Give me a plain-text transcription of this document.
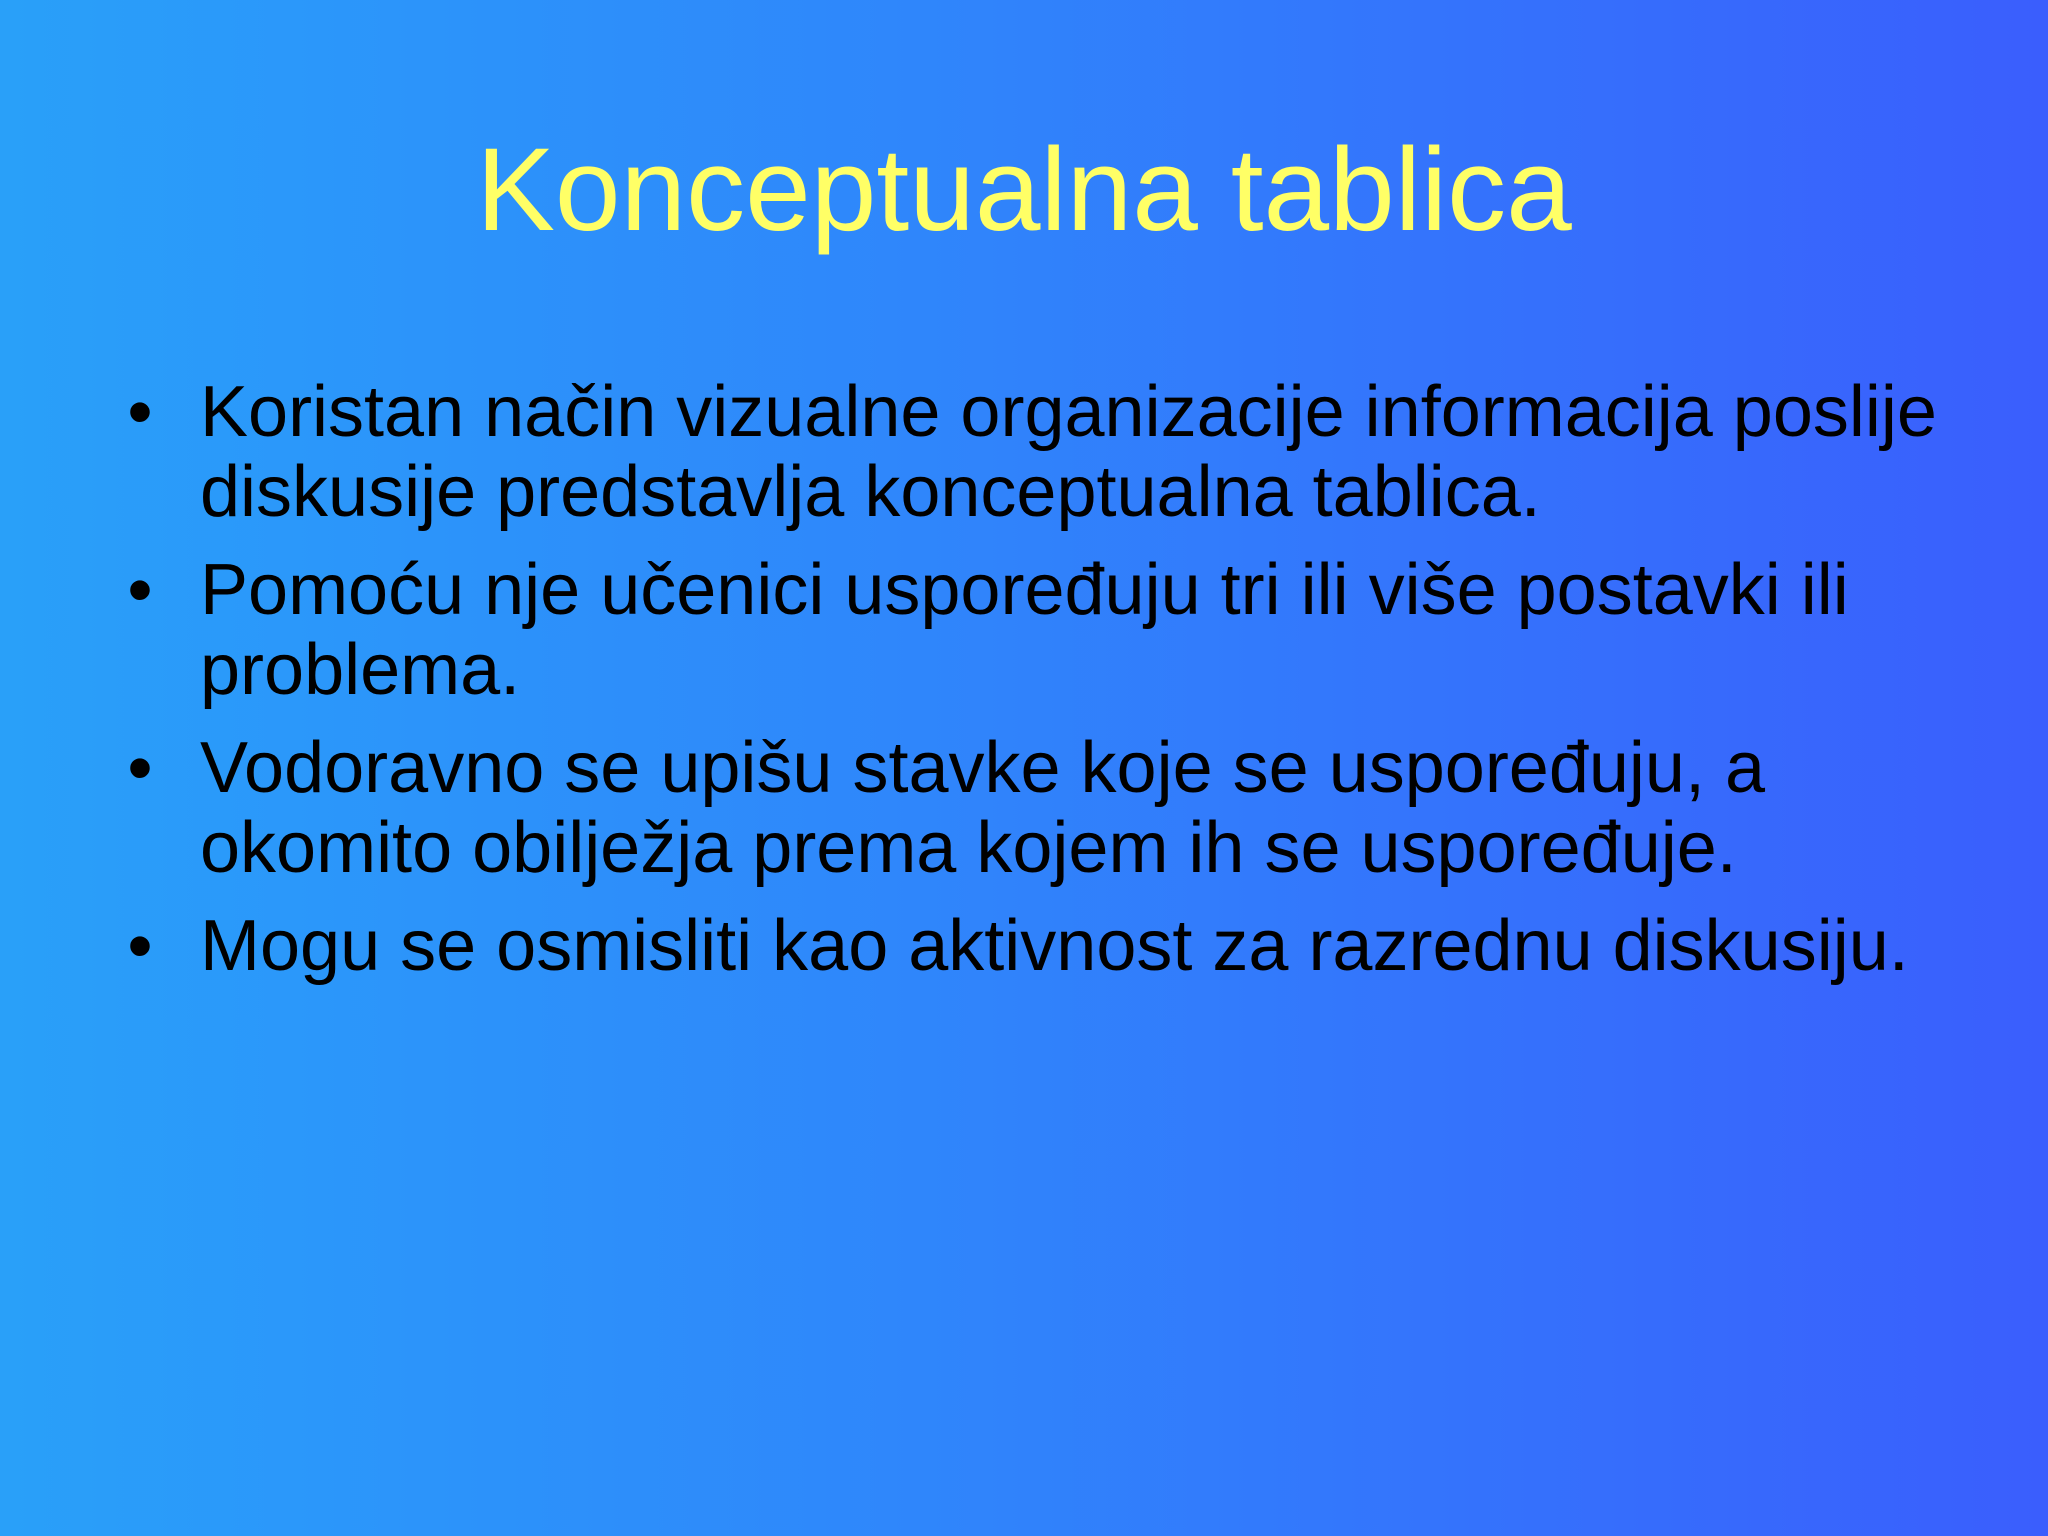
Konceptualna tablica
• Koristan način vizualne organizacije informacija poslije diskusije predstavlja konceptualna tablica.
• Pomoću nje učenici uspoređuju tri ili više postavki ili problema.
• Vodoravno se upišu stavke koje se uspoređuju, a okomito obilježja prema kojem ih se uspoređuje.
• Mogu se osmisliti kao aktivnost za razrednu diskusiju.
